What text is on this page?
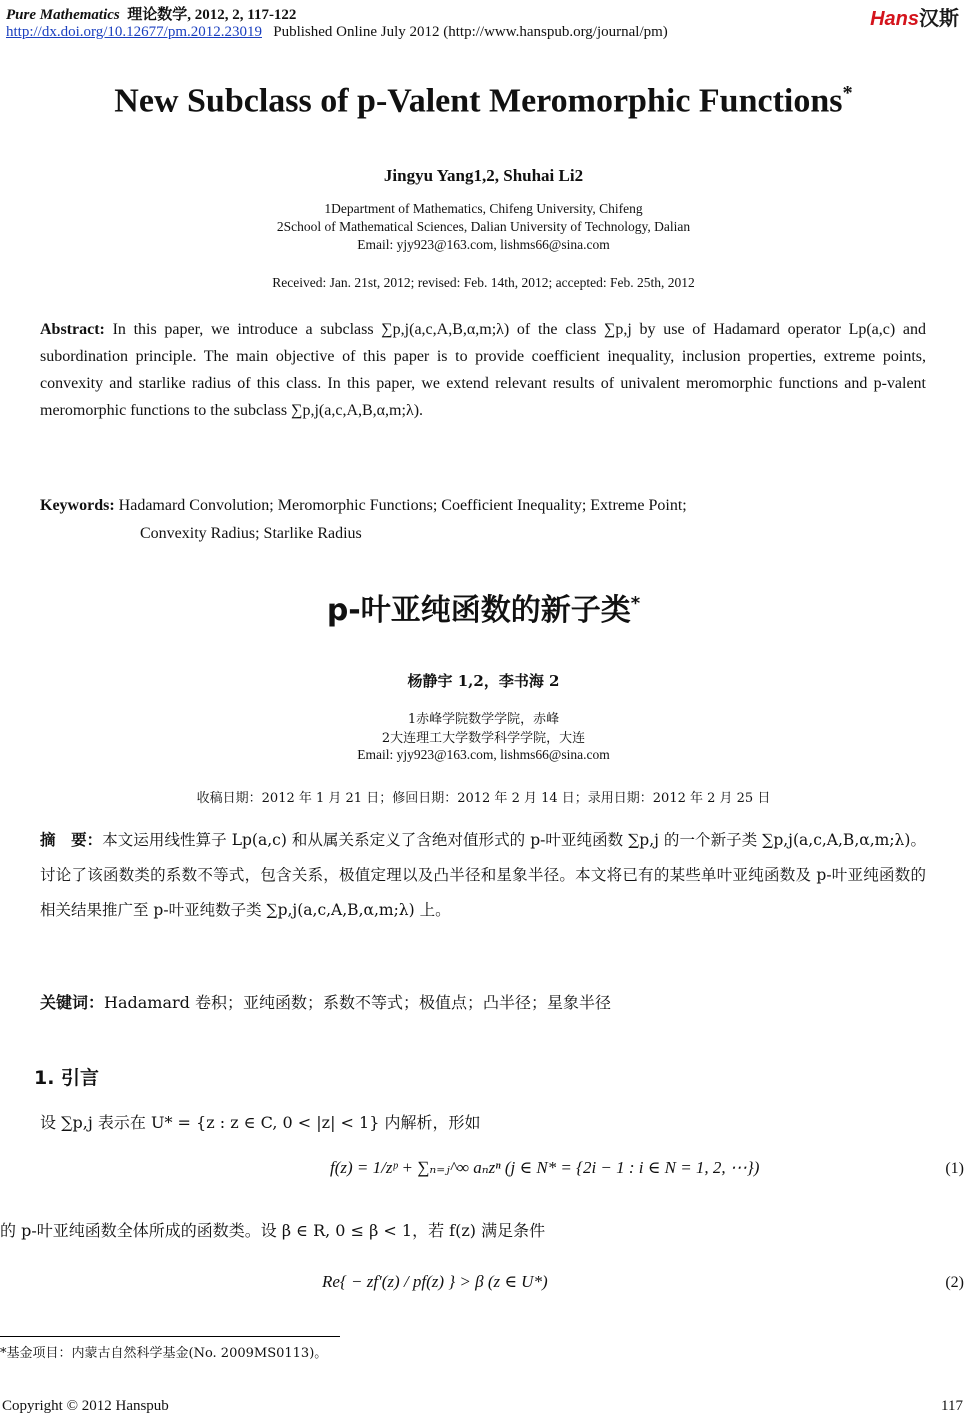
Pure Mathematics 理论数学, 2012, 2, 117-122
http://dx.doi.org/10.12677/pm.2012.23019 Published Online July 2012 (http://www.hanspub.org/journal/pm)
Hans汉斯
New Subclass of p-Valent Meromorphic Functions*
Jingyu Yang1,2, Shuhai Li2
1Department of Mathematics, Chifeng University, Chifeng
2School of Mathematical Sciences, Dalian University of Technology, Dalian
Email: yjy923@163.com, lishms66@sina.com
Received: Jan. 21st, 2012; revised: Feb. 14th, 2012; accepted: Feb. 25th, 2012
Abstract: In this paper, we introduce a subclass ∑p,j(a,c,A,B,α,m;λ) of the class ∑p,j by use of Hadamard operator Lp(a,c) and subordination principle. The main objective of this paper is to provide coefficient inequality, inclusion properties, extreme points, convexity and starlike radius of this class. In this paper, we extend relevant results of univalent meromorphic functions and p-valent meromorphic functions to the subclass ∑p,j(a,c,A,B,α,m;λ).
Keywords: Hadamard Convolution; Meromorphic Functions; Coefficient Inequality; Extreme Point;
Convexity Radius; Starlike Radius
p-叶亚纯函数的新子类*
杨静宇 1,2，李书海 2
1赤峰学院数学学院，赤峰
2大连理工大学数学科学学院，大连
Email: yjy923@163.com, lishms66@sina.com
收稿日期：2012 年 1 月 21 日；修回日期：2012 年 2 月 14 日；录用日期：2012 年 2 月 25 日
摘　要：本文运用线性算子 Lp(a,c) 和从属关系定义了含绝对值形式的 p-叶亚纯函数 ∑p,j 的一个新子类 ∑p,j(a,c,A,B,α,m;λ)。讨论了该函数类的系数不等式，包含关系，极值定理以及凸半径和星象半径。本文将已有的某些单叶亚纯函数及 p-叶亚纯函数的相关结果推广至 p-叶亚纯数子类 ∑p,j(a,c,A,B,α,m;λ) 上。
关键词：Hadamard 卷积；亚纯函数；系数不等式；极值点；凸半径；星象半径
1. 引言
设 ∑p,j 表示在 U* = {z : z ∈ C, 0 < |z| < 1} 内解析，形如
f(z) = 1/zᵖ + ∑ₙ₌ⱼ^∞ aₙzⁿ (j ∈ N* = {2i − 1 : i ∈ N = 1, 2, ⋯})	(1)
的 p-叶亚纯函数全体所成的函数类。设 β ∈ R, 0 ≤ β < 1，若 f(z) 满足条件
Re{ − zf′(z) / pf(z) } > β (z ∈ U*)	(2)
*基金项目：内蒙古自然科学基金(No. 2009MS0113)。
Copyright © 2012 Hanspub	117
